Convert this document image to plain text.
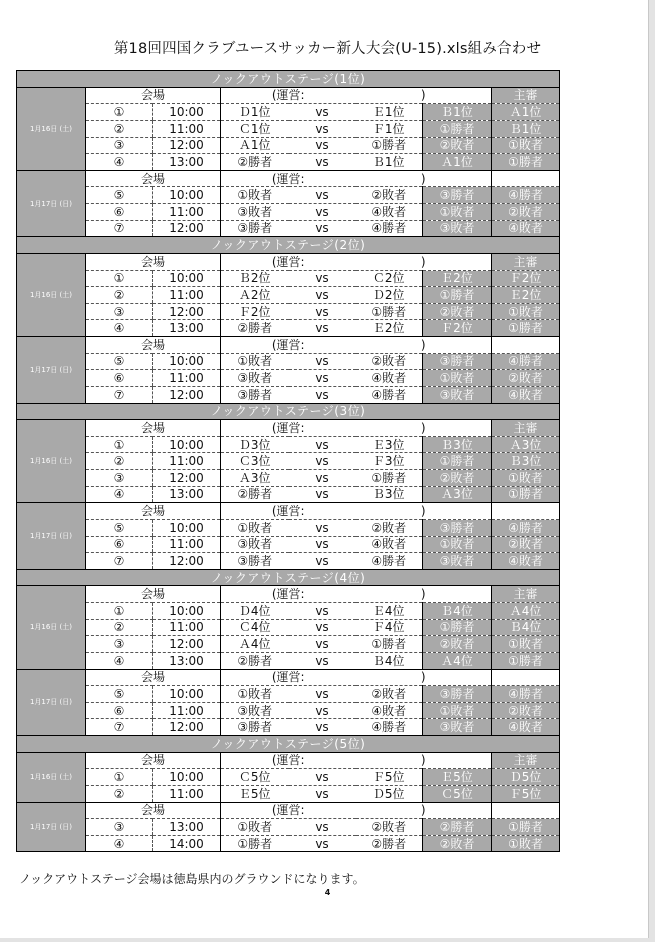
第18回四国クラブユースサッカー新人大会(U-15).xls組み合わせ
ノックアウトステージ(1位)								
1月16日 (土)	会場		(運営:		)		主審	
	①	10:00	Ｄ1位	vs	Ｅ1位	Ｂ1位	Ａ1位	
	②	11:00	Ｃ1位	vs	Ｆ1位	①勝者	Ｂ1位	
	③	12:00	Ａ1位	vs	①勝者	②敗者	①敗者	
	④	13:00	②勝者	vs	Ｂ1位	Ａ1位	①勝者	
1月17日 (日)	会場		(運営:		)			
	⑤	10:00	①敗者	vs	②敗者	③勝者	④勝者	
	⑥	11:00	③敗者	vs	④敗者	①敗者	②敗者	
	⑦	12:00	③勝者	vs	④勝者	③敗者	④敗者	
ノックアウトステージ(2位)								
1月16日 (土)	会場		(運営:		)		主審	
	①	10:00	Ｂ2位	vs	Ｃ2位	Ｅ2位	Ｆ2位	
	②	11:00	Ａ2位	vs	Ｄ2位	①勝者	Ｅ2位	
	③	12:00	Ｆ2位	vs	①勝者	②敗者	①敗者	
	④	13:00	②勝者	vs	Ｅ2位	Ｆ2位	①勝者	
1月17日 (日)	会場		(運営:		)			
	⑤	10:00	①敗者	vs	②敗者	③勝者	④勝者	
	⑥	11:00	③敗者	vs	④敗者	①敗者	②敗者	
	⑦	12:00	③勝者	vs	④勝者	③敗者	④敗者	
ノックアウトステージ(3位)								
1月16日 (土)	会場		(運営:		)		主審	
	①	10:00	Ｄ3位	vs	Ｅ3位	Ｂ3位	Ａ3位	
	②	11:00	Ｃ3位	vs	Ｆ3位	①勝者	Ｂ3位	
	③	12:00	Ａ3位	vs	①勝者	②敗者	①敗者	
	④	13:00	②勝者	vs	Ｂ3位	Ａ3位	①勝者	
1月17日 (日)	会場		(運営:		)			
	⑤	10:00	①敗者	vs	②敗者	③勝者	④勝者	
	⑥	11:00	③敗者	vs	④敗者	①敗者	②敗者	
	⑦	12:00	③勝者	vs	④勝者	③敗者	④敗者	
ノックアウトステージ(4位)								
1月16日 (土)	会場		(運営:		)		主審	
	①	10:00	Ｄ4位	vs	Ｅ4位	Ｂ4位	Ａ4位	
	②	11:00	Ｃ4位	vs	Ｆ4位	①勝者	Ｂ4位	
	③	12:00	Ａ4位	vs	①勝者	②敗者	①敗者	
	④	13:00	②勝者	vs	Ｂ4位	Ａ4位	①勝者	
1月17日 (日)	会場		(運営:		)			
	⑤	10:00	①敗者	vs	②敗者	③勝者	④勝者	
	⑥	11:00	③敗者	vs	④敗者	①敗者	②敗者	
	⑦	12:00	③勝者	vs	④勝者	③敗者	④敗者	
ノックアウトステージ(5位)								
1月16日 (土)	会場		(運営:		)		主審	
	①	10:00	Ｃ5位	vs	Ｆ5位	Ｅ5位	Ｄ5位	
	②	11:00	Ｅ5位	vs	Ｄ5位	Ｃ5位	Ｆ5位	
1月17日 (日)	会場		(運営:		)			
	③	13:00	①敗者	vs	②敗者	②勝者	①勝者	
	④	14:00	①勝者	vs	②勝者	②敗者	①敗者	
ノックアウトステージ会場は徳島県内のグラウンドになります。
4
